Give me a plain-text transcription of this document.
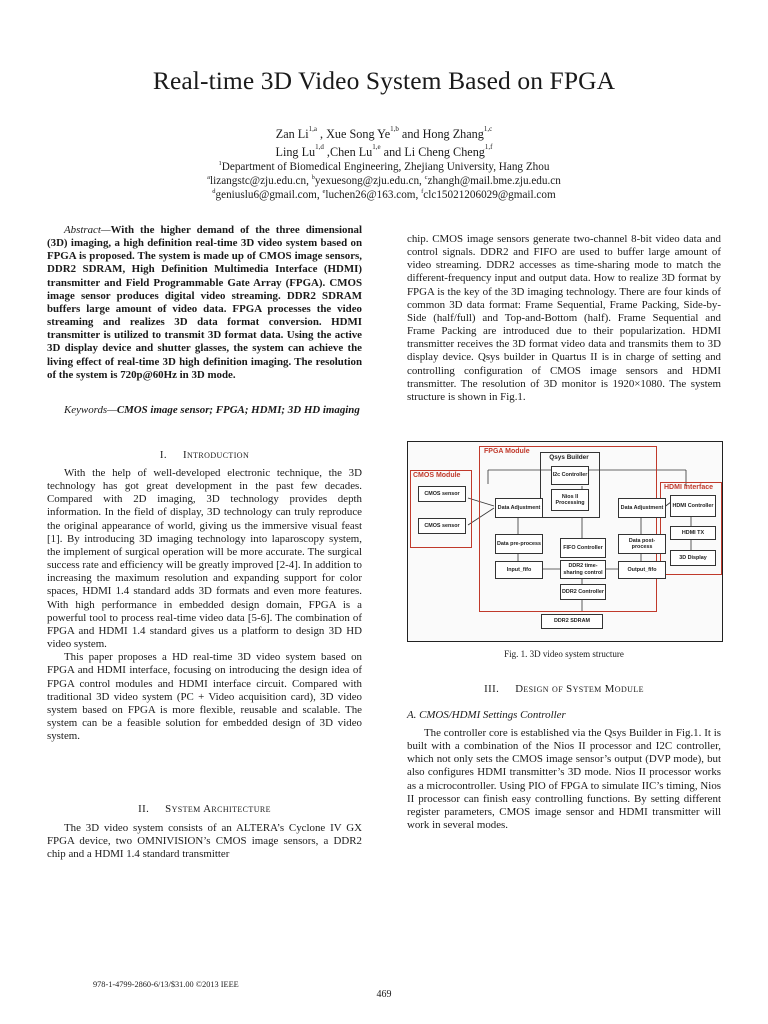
Real-time 3D Video System Based on FPGA
Zan Li$^{1,a}$ , Xue Song Ye$^{1,b}$ and Hong Zhang$^{1,c}$
Ling Lu$^{1,d}$ ,Chen Lu$^{1,e}$ and Li Cheng Cheng$^{1,f}$
$^1$Department of Biomedical Engineering, Zhejiang University, Hang Zhou
$^a$lizangstc@zju.edu.cn, $^b$yexuesong@zju.edu.cn, $^c$zhangh@mail.bme.zju.edu.cn
$^d$geniuslu6@gmail.com, $^e$luchen26@163.com, $^f$clc15021206029@gmail.com
Abstract—With the higher demand of the three dimensional (3D) imaging, a high definition real-time 3D video system based on FPGA is proposed. The system is made up of CMOS image sensors, DDR2 SDRAM, High Definition Multimedia Interface (HDMI) transmitter and Field Programmable Gate Array (FPGA). CMOS image sensor produces digital video streaming. DDR2 SDRAM buffers large amount of video data. FPGA processes the video streaming and realizes 3D data format conversion. HDMI transmitter is utilized to transmit 3D format data. Using the active 3D display device and shutter glasses, the system can achieve the living effect of real-time 3D high definition imaging. The resolution of the system is 720p@60Hz in 3D mode.
Keywords—CMOS image sensor; FPGA; HDMI; 3D HD imaging
I. Introduction

With the help of well-developed electronic technique, the 3D technology has got great development in the past few decades. Compared with 2D imaging, 3D technology provides depth information. In the field of display, 3D technology can truly reproduce the original appearance of world, giving us the immersive visual feast [1]. By introducing 3D imaging technology into laparoscopy system, the implement of surgical operation will be more accurate. The surgical success rate and efficiency will be greatly improved [2-4]. In addition to increasing the maximum resolution and expanding support for color spaces, HDMI 1.4 standard adds 3D formats and even more features. With high performance in embedded design domain, FPGA is a powerful tool to process real-time video data [5-6]. The combination of FPGA and HDMI 1.4 standard gives us a platform to design 3D HD video system.

This paper proposes a HD real-time 3D video system based on FPGA and HDMI interface, focusing on introducing the design idea of FPGA control modules and HDMI interface circuit. Compared with traditional 3D video system (PC + Video acquisition card), 3D video system based on FPGA is more flexible, reusable and scalable. The system can be a feasible solution for embedded design of 3D video system.

II. System Architecture

The 3D video system consists of an ALTERA’s Cyclone IV GX FPGA device, two OMNIVISION’s CMOS image sensors, a DDR2 chip and a HDMI 1.4 standard transmitter

chip. CMOS image sensors generate two-channel 8-bit video data and control signals. DDR2 and FIFO are used to buffer large amount of video streaming. DDR2 accesses as time-sharing mode to match the different-frequency input and output data. How to realize 3D format by FPGA is the key of the 3D imaging technology. There are four kinds of common 3D data format: Frame Sequential, Frame Packing, Side-by-Side (half/full) and Top-and-Bottom (half). Frame Sequential and Frame Packing are introduced due to their popularization. HDMI transmitter receives the 3D format video data and transmits them to 3D display device. Qsys builder in Quartus II is in charge of setting and controlling configuration of CMOS image sensors and HDMI transmitter. The resolution of 3D monitor is 1920×1080. The system structure is shown in Fig.1.

FPGA Module
CMOS Module
HDMI Interface
Qsys Builder
I2c Controller
Nios II Processing
CMOS sensor
CMOS sensor
Data Adjustment
Data pre-process
Input_fifo
FIFO Controller
DDR2 time-sharing control
DDR2 Controller
Data Adjustment
Data post-process
Output_fifo
HDMI Controller
HDMI TX
3D Display
DDR2 SDRAM
Fig. 1. 3D video system structure
III. Design of System Module
A. CMOS/HDMI Settings Controller

The controller core is established via the Qsys Builder in Fig.1. It is built with a combination of the Nios II processor and I2C controller, which not only sets the CMOS image sensor’s output (DVP mode), but also configures HDMI transmitter’s 3D mode. Nios II processor works as a microcontroller. Using PIO of FPGA to simulate IIC’s timing, Nios II processor can finish easy controlling functions. By setting different register parameters, CMOS image sensor and HDMI transmitter will work in several modes.

978-1-4799-2860-6/13/$31.00 ©2013 IEEE
469
